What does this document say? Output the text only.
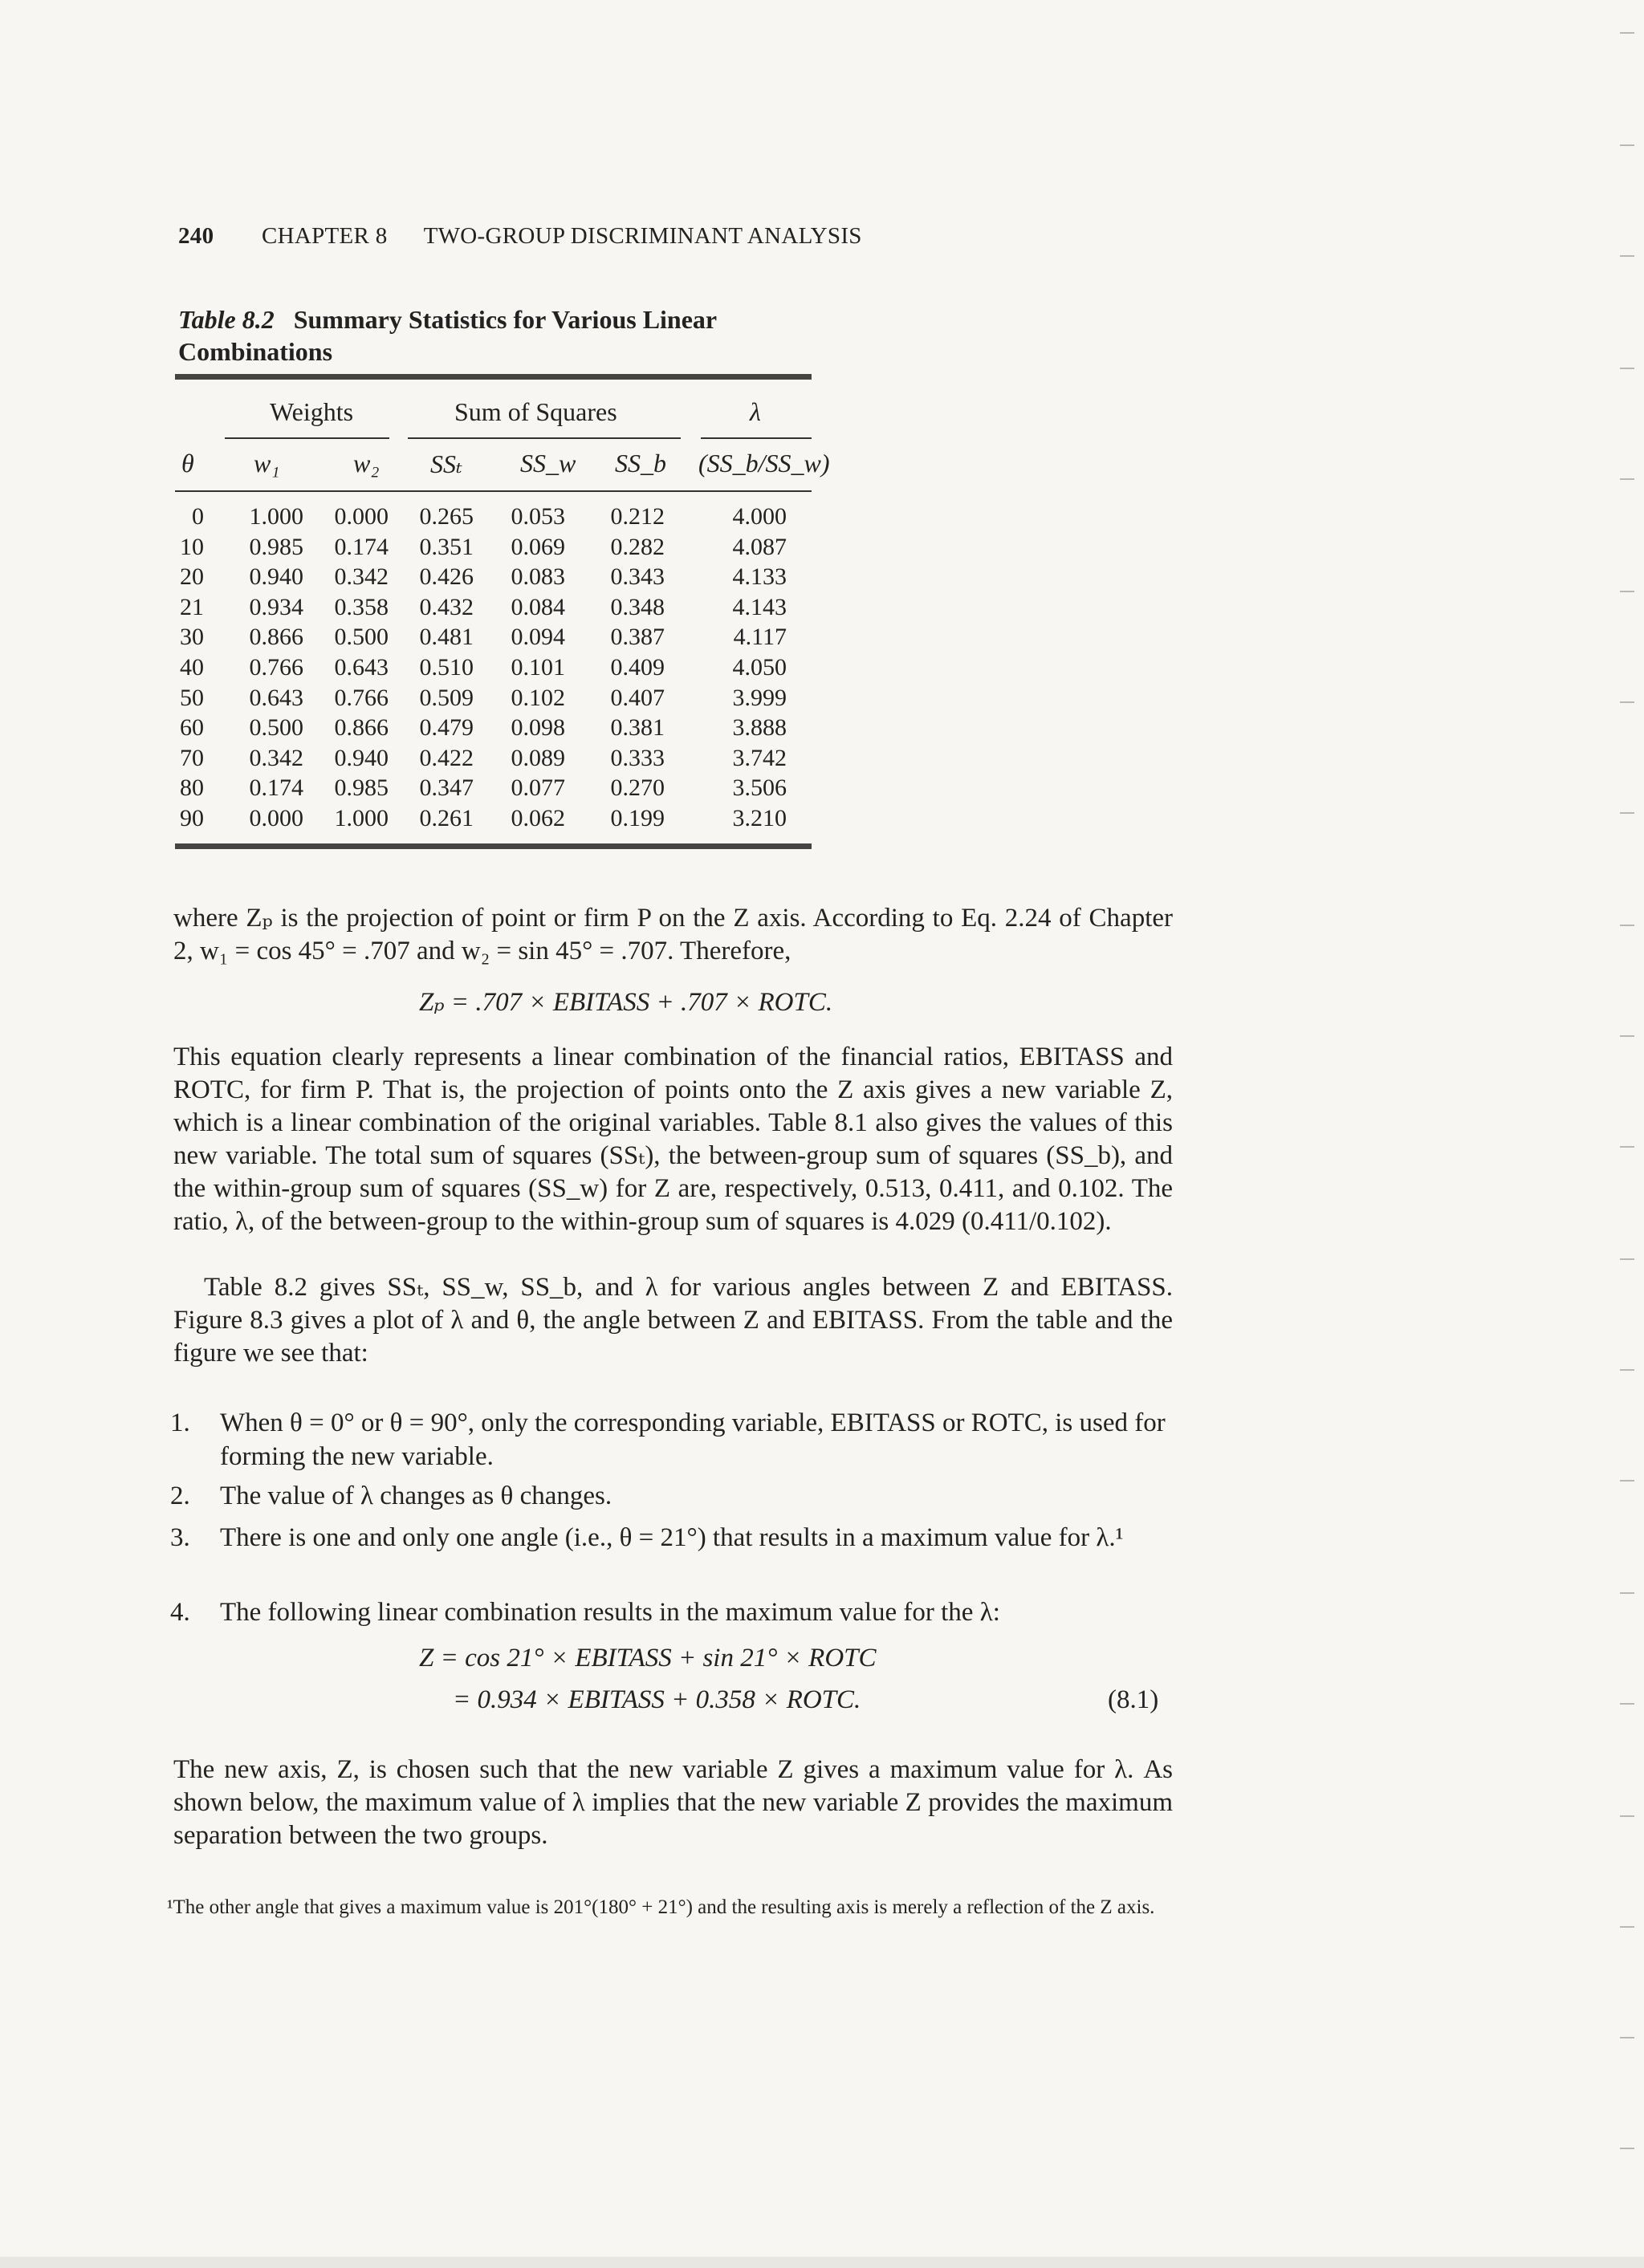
240 CHAPTER 8 TWO-GROUP DISCRIMINANT ANALYSIS
Table 8.2 Summary Statistics for Various Linear Combinations
Weights	Sum of Squares	λ
θ w₁	w₂ SSₜ SS_w SS_b (SS_b/SS_w)
0	1.000	0.000	0.265	0.053	0.212	4.000
10	0.985	0.174	0.351	0.069	0.282	4.087
20	0.940	0.342	0.426	0.083	0.343	4.133
21	0.934	0.358	0.432	0.084	0.348	4.143
30	0.866	0.500	0.481	0.094	0.387	4.117
40	0.766	0.643	0.510	0.101	0.409	4.050
50	0.643	0.766	0.509	0.102	0.407	3.999
60	0.500	0.866	0.479	0.098	0.381	3.888
70	0.342	0.940	0.422	0.089	0.333	3.742
80	0.174	0.985	0.347	0.077	0.270	3.506
90	0.000	1.000	0.261	0.062	0.199	3.210
where Zₚ is the projection of point or firm P on the Z axis. According to Eq. 2.24 of Chapter 2, w₁ = cos 45° = .707 and w₂ = sin 45° = .707. Therefore,
Zₚ = .707 × EBITASS + .707 × ROTC.
This equation clearly represents a linear combination of the financial ratios, EBITASS and ROTC, for firm P. That is, the projection of points onto the Z axis gives a new variable Z, which is a linear combination of the original variables. Table 8.1 also gives the values of this new variable. The total sum of squares (SSₜ), the between-group sum of squares (SS_b), and the within-group sum of squares (SS_w) for Z are, respectively, 0.513, 0.411, and 0.102. The ratio, λ, of the between-group to the within-group sum of squares is 4.029 (0.411/0.102).
Table 8.2 gives SSₜ, SS_w, SS_b, and λ for various angles between Z and EBITASS. Figure 8.3 gives a plot of λ and θ, the angle between Z and EBITASS. From the table and the figure we see that:
1. When θ = 0° or θ = 90°, only the corresponding variable, EBITASS or ROTC, is used for forming the new variable.
2. The value of λ changes as θ changes.
3. There is one and only one angle (i.e., θ = 21°) that results in a maximum value for λ.¹
4. The following linear combination results in the maximum value for the λ:
Z = cos 21° × EBITASS + sin 21° × ROTC
= 0.934 × EBITASS + 0.358 × ROTC.	(8.1)
The new axis, Z, is chosen such that the new variable Z gives a maximum value for λ. As shown below, the maximum value of λ implies that the new variable Z provides the maximum separation between the two groups.
¹The other angle that gives a maximum value is 201°(180° + 21°) and the resulting axis is merely a reflection of the Z axis.
